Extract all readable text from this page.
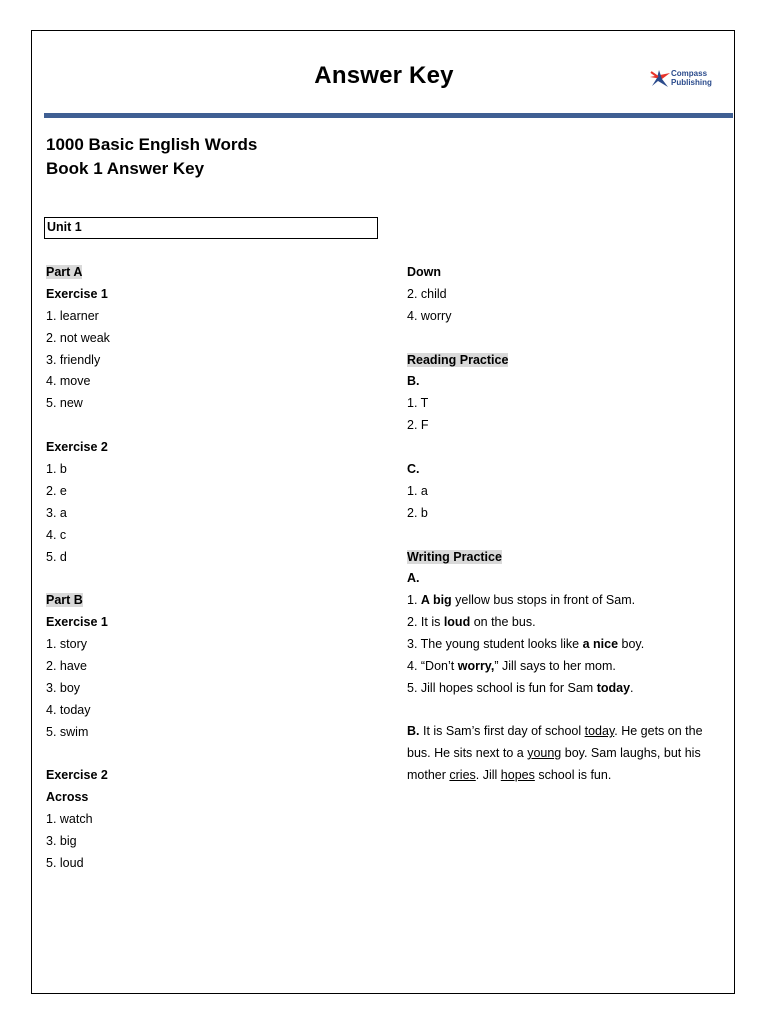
Answer Key	Compass
Publishing
1000 Basic English Words
Book 1 Answer Key
Unit 1
Part A
Exercise 1
1. learner
2. not weak
3. friendly
4. move
5. new
Exercise 2
1. b
2. e
3. a
4. c
5. d
Part B
Exercise 1
1. story
2. have
3. boy
4. today
5. swim
Exercise 2
Across
1. watch
3. big
5. loud
Down
2. child
4. worry
Reading Practice
B.
1. T
2. F
C.
1. a
2. b
Writing Practice
A.
1. A big yellow bus stops in front of Sam.
2. It is loud on the bus.
3. The young student looks like a nice boy.
4. “Don’t worry,” Jill says to her mom.
5. Jill hopes school is fun for Sam today.
B. It is Sam’s first day of school today. He gets on the bus. He sits next to a young boy. Sam laughs, but his mother cries. Jill hopes school is fun.
